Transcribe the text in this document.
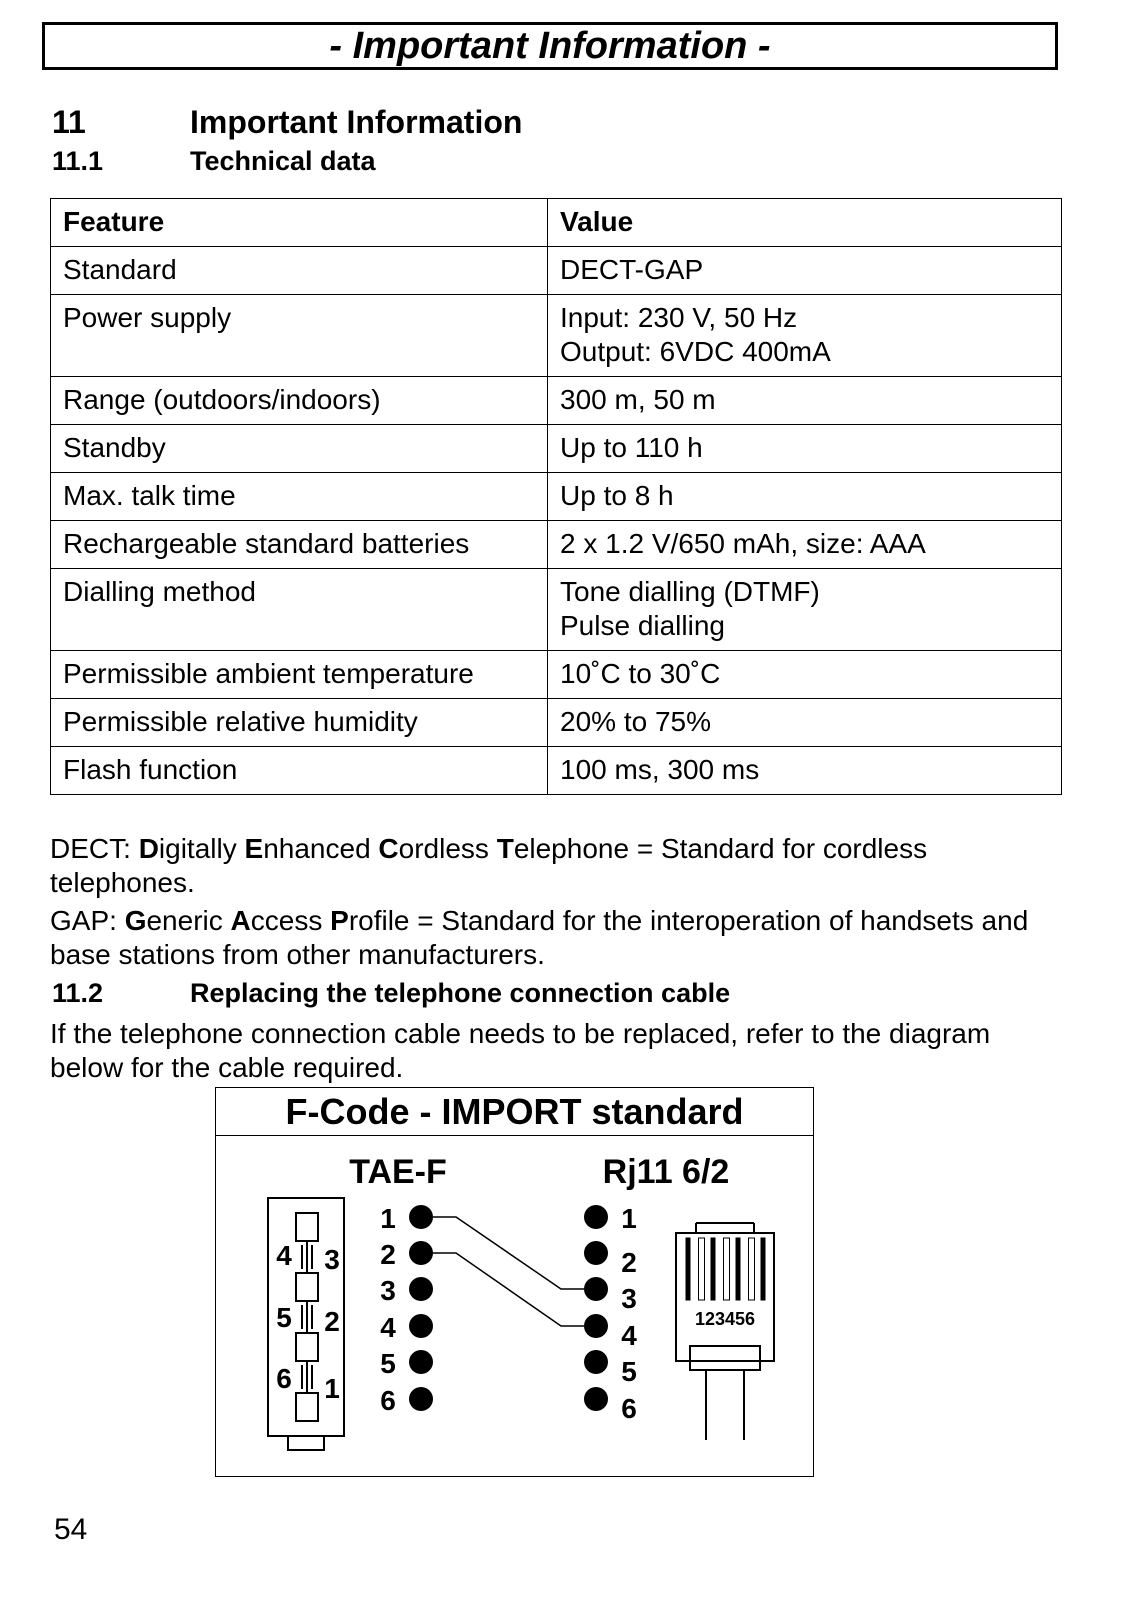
- Important Information -
11	Important Information
11.1	Technical data
Feature	Value
Standard	DECT-GAP

Power supply	Input: 230 V, 50 Hz
Output: 6VDC 400mA

Range (outdoors/indoors)	300 m, 50 m

Standby	Up to 110 h

Max. talk time	Up to 8 h

Rechargeable standard batteries	2 x 1.2 V/650 mAh, size: AAA

Dialling method	Tone dialling (DTMF)
Pulse dialling

Permissible ambient temperature	10˚C to 30˚C

Permissible relative humidity	20% to 75%

Flash function	100 ms, 300 ms
DECT: Digitally Enhanced Cordless Telephone = Standard for cordless telephones.
GAP: Generic Access Profile = Standard for the interoperation of handsets and base stations from other manufacturers.
11.2	Replacing the telephone connection cable
If the telephone connection cable needs to be replaced, refer to the diagram below for the cable required.
F-Code - IMPORT standard
TAE-F	Rj11 6/2
4 3
5 2
6 1
1
2
3
4
5
6
1
2
3
4
5
6
123456
54
